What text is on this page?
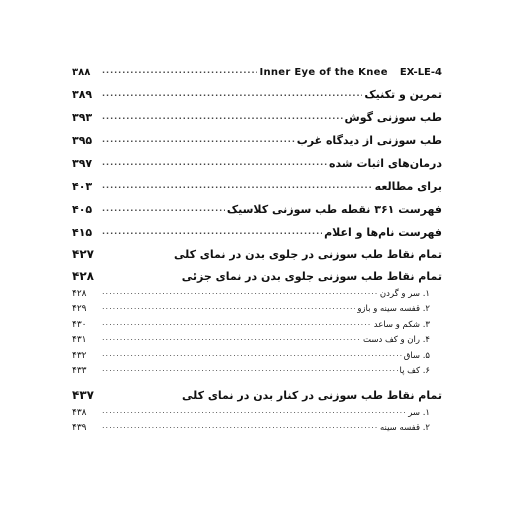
EX-LE-4
Inner Eye of the Knee
.....
۳۸۸
تمرین و تکنیک
.....
۳۸۹
طب سوزنی گوش
.....
۳۹۳
طب سوزنی از دیدگاه غرب
.....
۳۹۵
درمان‌های اثبات شده
.....
۳۹۷
برای مطالعه
.....
۴۰۳
فهرست ۳۶۱ نقطه طب سوزنی کلاسیک
.....
۴۰۵
فهرست نام‌ها و اعلام
.....
۴۱۵
تمام نقاط طب سوزنی در جلوی بدن در نمای کلی
۴۲۷
تمام نقاط طب سوزنی جلوی بدن در نمای جزئی
۴۲۸
۱. سر و گردن
.....
۴۲۸
۲. قفسه سینه و بازو
.....
۴۲۹
۳. شکم و ساعد
.....
۴۳۰
۴. ران و کف دست
.....
۴۳۱
۵. ساق
.....
۴۳۲
۶. کف پا
.....
۴۳۳
تمام نقاط طب سوزنی در کنار بدن در نمای کلی
۴۳۷
۱. سر
.....
۴۳۸
۲. قفسه سینه
.....
۴۳۹
